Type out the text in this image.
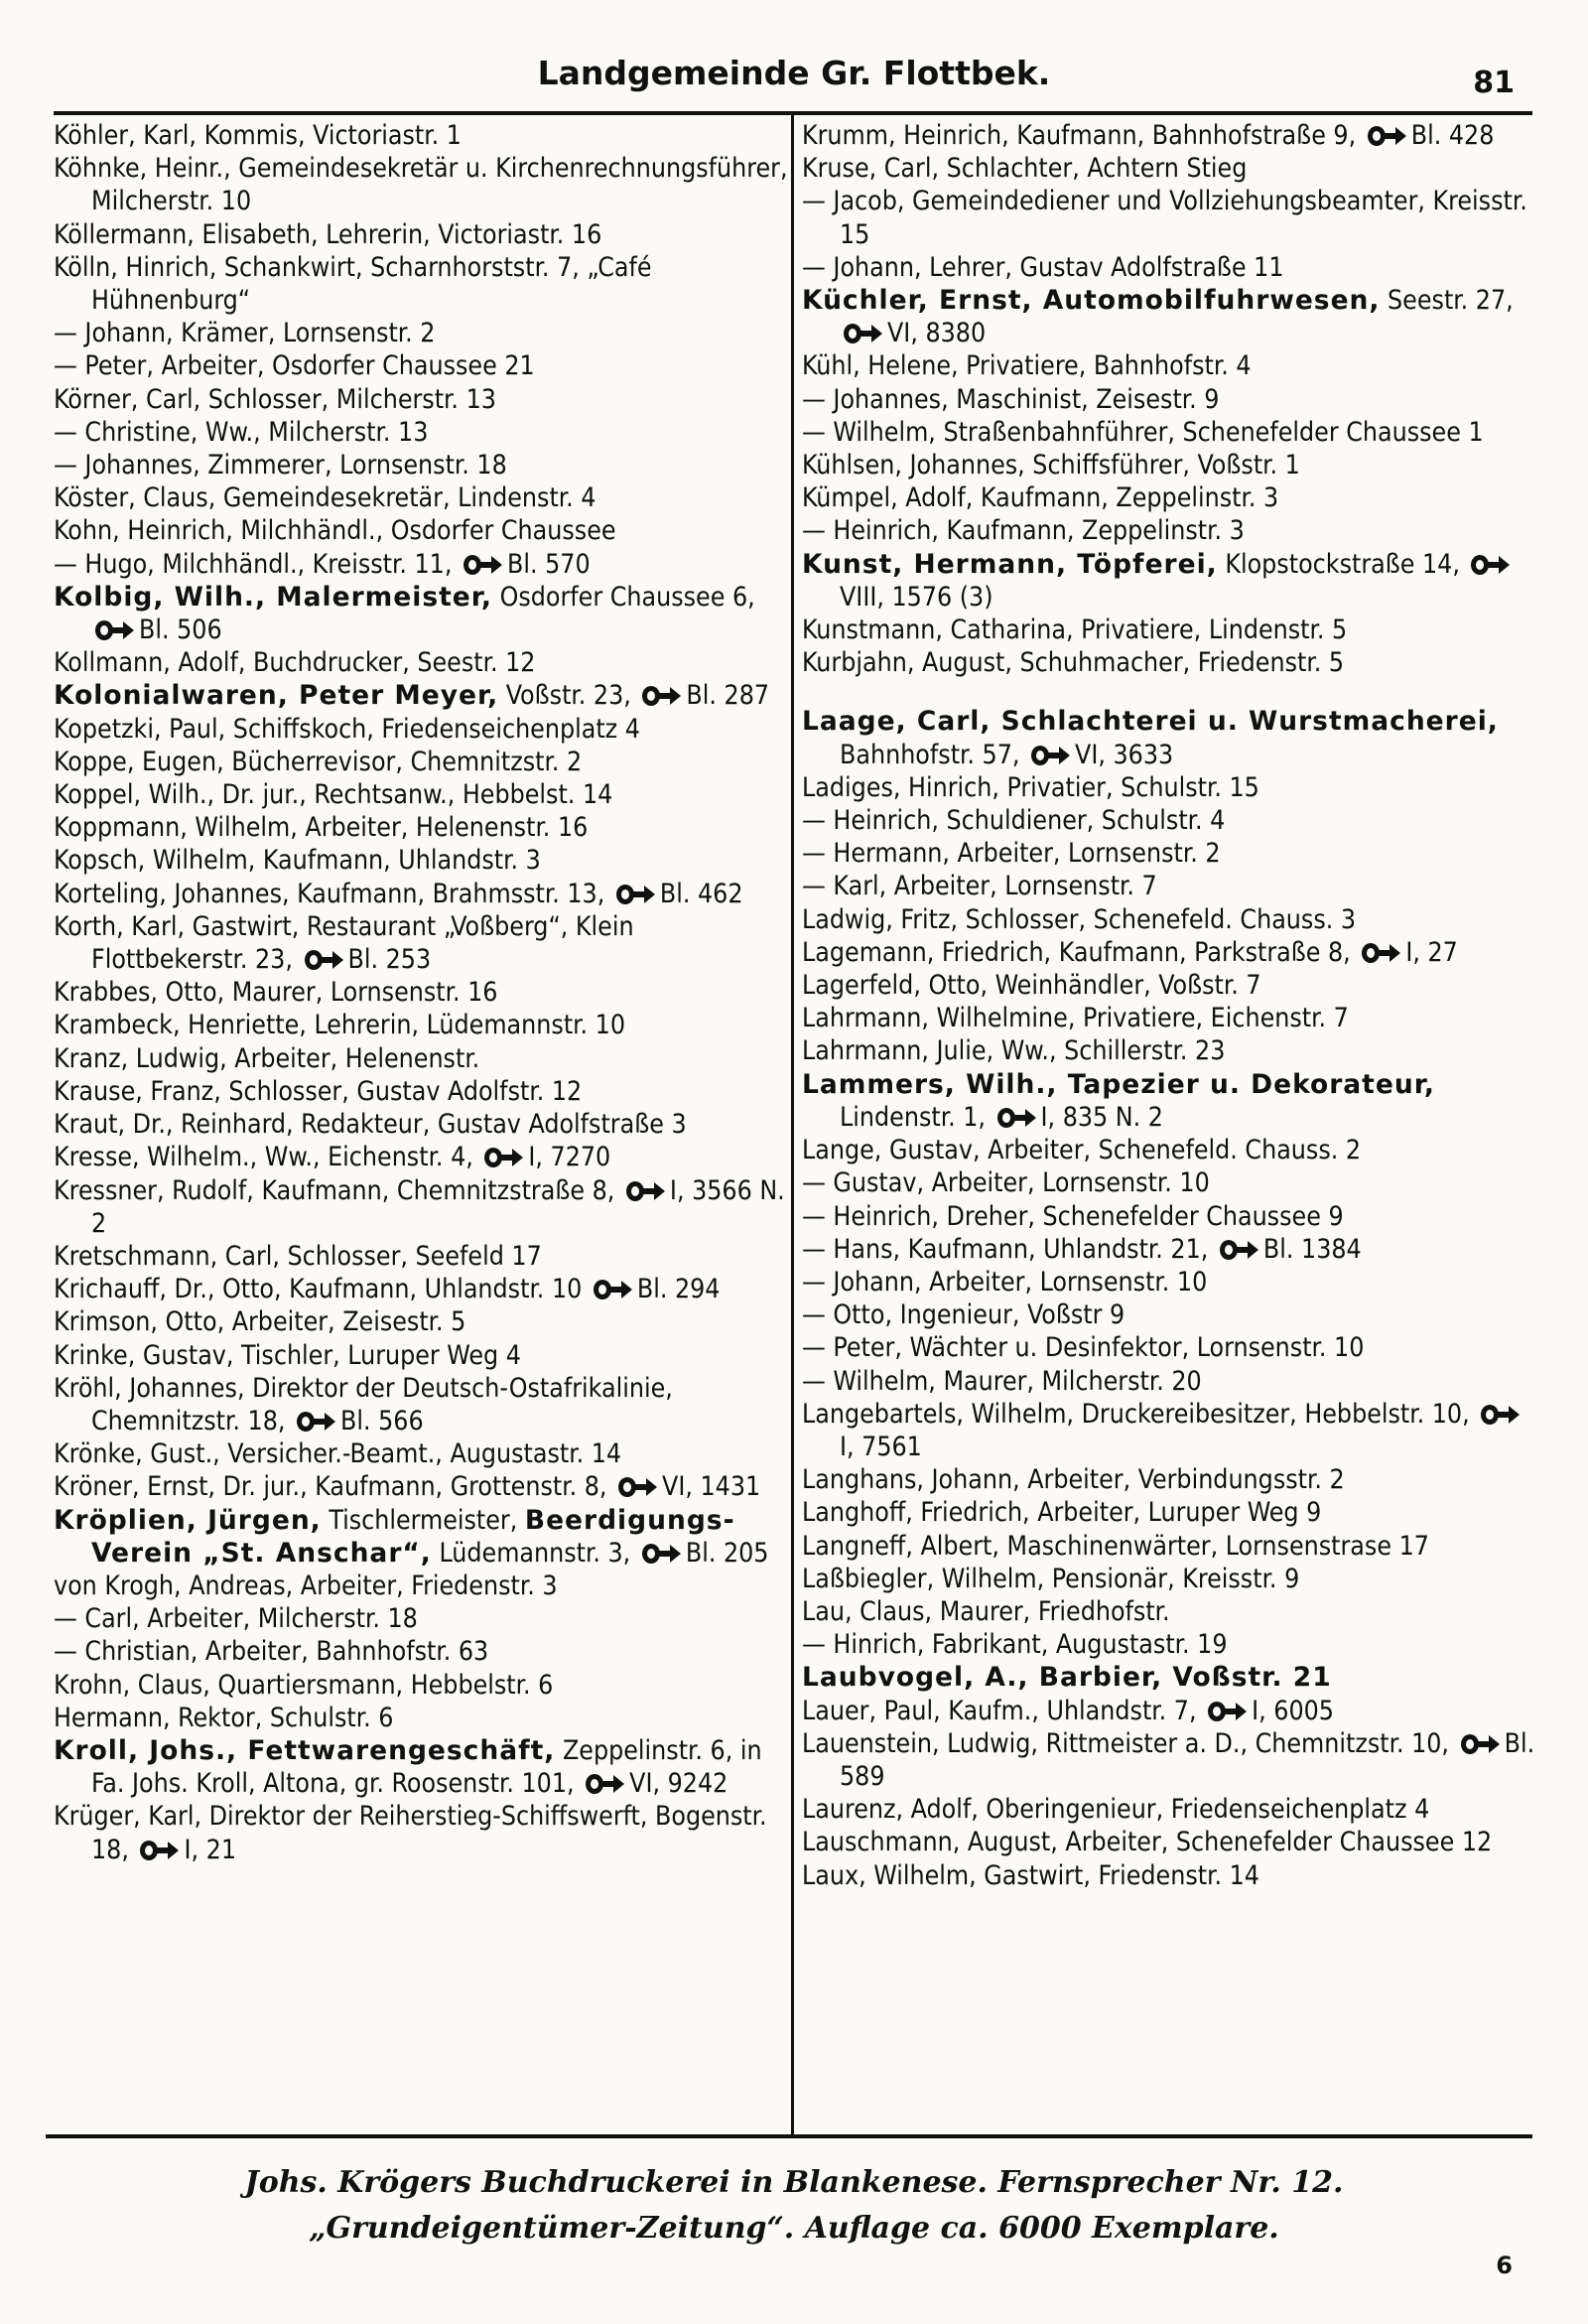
Landgemeinde Gr. Flottbek.	81
Köhler, Karl, Kommis, Victoriastr. 1
Köhnke, Heinr., Gemeindesekretär u. Kirchenrechnungsführer, Milcherstr. 10
Köllermann, Elisabeth, Lehrerin, Victoriastr. 16
Kölln, Hinrich, Schankwirt, Scharnhorststr. 7, „Café Hühnenburg“
— Johann, Krämer, Lornsenstr. 2
— Peter, Arbeiter, Osdorfer Chaussee 21
Körner, Carl, Schlosser, Milcherstr. 13
— Christine, Ww., Milcherstr. 13
— Johannes, Zimmerer, Lornsenstr. 18
Köster, Claus, Gemeindesekretär, Lindenstr. 4
Kohn, Heinrich, Milchhändl., Osdorfer Chaussee
— Hugo, Milchhändl., Kreisstr. 11, Bl. 570
Kolbig, Wilh., Malermeister, Osdorfer Chaussee 6, Bl. 506
Kollmann, Adolf, Buchdrucker, Seestr. 12
Kolonialwaren, Peter Meyer, Voßstr. 23, Bl. 287
Kopetzki, Paul, Schiffskoch, Friedenseichenplatz 4
Koppe, Eugen, Bücherrevisor, Chemnitzstr. 2
Koppel, Wilh., Dr. jur., Rechtsanw., Hebbelst. 14
Koppmann, Wilhelm, Arbeiter, Helenenstr. 16
Kopsch, Wilhelm, Kaufmann, Uhlandstr. 3
Korteling, Johannes, Kaufmann, Brahmsstr. 13, Bl. 462
Korth, Karl, Gastwirt, Restaurant „Voßberg“, Klein Flottbekerstr. 23, Bl. 253
Krabbes, Otto, Maurer, Lornsenstr. 16
Krambeck, Henriette, Lehrerin, Lüdemannstr. 10
Kranz, Ludwig, Arbeiter, Helenenstr.
Krause, Franz, Schlosser, Gustav Adolfstr. 12
Kraut, Dr., Reinhard, Redakteur, Gustav Adolfstraße 3
Kresse, Wilhelm., Ww., Eichenstr. 4, I, 7270
Kressner, Rudolf, Kaufmann, Chemnitzstraße 8, I, 3566 N. 2
Kretschmann, Carl, Schlosser, Seefeld 17
Krichauff, Dr., Otto, Kaufmann, Uhlandstr. 10 Bl. 294
Krimson, Otto, Arbeiter, Zeisestr. 5
Krinke, Gustav, Tischler, Luruper Weg 4
Kröhl, Johannes, Direktor der Deutsch-Ostafrikalinie, Chemnitzstr. 18, Bl. 566
Krönke, Gust., Versicher.-Beamt., Augustastr. 14
Kröner, Ernst, Dr. jur., Kaufmann, Grottenstr. 8, VI, 1431
Kröplien, Jürgen, Tischlermeister, Beerdigungs-Verein „St. Anschar“, Lüdemannstr. 3, Bl. 205
von Krogh, Andreas, Arbeiter, Friedenstr. 3
— Carl, Arbeiter, Milcherstr. 18
— Christian, Arbeiter, Bahnhofstr. 63
Krohn, Claus, Quartiersmann, Hebbelstr. 6
Hermann, Rektor, Schulstr. 6
Kroll, Johs., Fettwarengeschäft, Zeppelinstr. 6, in Fa. Johs. Kroll, Altona, gr. Roosenstr. 101, VI, 9242
Krüger, Karl, Direktor der Reiherstieg-Schiffswerft, Bogenstr. 18, I, 21
Krumm, Heinrich, Kaufmann, Bahnhofstraße 9, Bl. 428
Kruse, Carl, Schlachter, Achtern Stieg
— Jacob, Gemeindediener und Vollziehungsbeamter, Kreisstr. 15
— Johann, Lehrer, Gustav Adolfstraße 11
Küchler, Ernst, Automobilfuhrwesen, Seestr. 27, VI, 8380
Kühl, Helene, Privatiere, Bahnhofstr. 4
— Johannes, Maschinist, Zeisestr. 9
— Wilhelm, Straßenbahnführer, Schenefelder Chaussee 1
Kühlsen, Johannes, Schiffsführer, Voßstr. 1
Kümpel, Adolf, Kaufmann, Zeppelinstr. 3
— Heinrich, Kaufmann, Zeppelinstr. 3
Kunst, Hermann, Töpferei, Klopstockstraße 14, VIII, 1576 (3)
Kunstmann, Catharina, Privatiere, Lindenstr. 5
Kurbjahn, August, Schuhmacher, Friedenstr. 5
Laage, Carl, Schlachterei u. Wurstmacherei, Bahnhofstr. 57, VI, 3633
Ladiges, Hinrich, Privatier, Schulstr. 15
— Heinrich, Schuldiener, Schulstr. 4
— Hermann, Arbeiter, Lornsenstr. 2
— Karl, Arbeiter, Lornsenstr. 7
Ladwig, Fritz, Schlosser, Schenefeld. Chauss. 3
Lagemann, Friedrich, Kaufmann, Parkstraße 8, I, 27
Lagerfeld, Otto, Weinhändler, Voßstr. 7
Lahrmann, Wilhelmine, Privatiere, Eichenstr. 7
Lahrmann, Julie, Ww., Schillerstr. 23
Lammers, Wilh., Tapezier u. Dekorateur, Lindenstr. 1, I, 835 N. 2
Lange, Gustav, Arbeiter, Schenefeld. Chauss. 2
— Gustav, Arbeiter, Lornsenstr. 10
— Heinrich, Dreher, Schenefelder Chaussee 9
— Hans, Kaufmann, Uhlandstr. 21, Bl. 1384
— Johann, Arbeiter, Lornsenstr. 10
— Otto, Ingenieur, Voßstr 9
— Peter, Wächter u. Desinfektor, Lornsenstr. 10
— Wilhelm, Maurer, Milcherstr. 20
Langebartels, Wilhelm, Druckereibesitzer, Hebbelstr. 10, I, 7561
Langhans, Johann, Arbeiter, Verbindungsstr. 2
Langhoff, Friedrich, Arbeiter, Luruper Weg 9
Langneff, Albert, Maschinenwärter, Lornsenstrase 17
Laßbiegler, Wilhelm, Pensionär, Kreisstr. 9
Lau, Claus, Maurer, Friedhofstr.
— Hinrich, Fabrikant, Augustastr. 19
Laubvogel, A., Barbier, Voßstr. 21
Lauer, Paul, Kaufm., Uhlandstr. 7, I, 6005
Lauenstein, Ludwig, Rittmeister a. D., Chemnitzstr. 10, Bl. 589
Laurenz, Adolf, Oberingenieur, Friedenseichenplatz 4
Lauschmann, August, Arbeiter, Schenefelder Chaussee 12
Laux, Wilhelm, Gastwirt, Friedenstr. 14
Johs. Krögers Buchdruckerei in Blankenese. Fernsprecher Nr. 12.
„Grundeigentümer-Zeitung“. Auflage ca. 6000 Exemplare.
6
